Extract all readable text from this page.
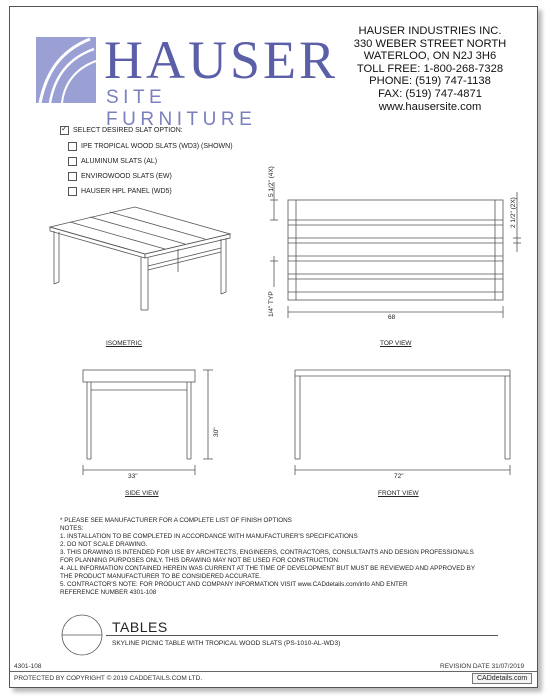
HAUSER
SITE FURNITURE
HAUSER INDUSTRIES INC.
330 WEBER STREET NORTH
WATERLOO, ON N2J 3H6
TOLL FREE: 1-800-268-7328
PHONE: (519) 747-1138
FAX: (519) 747-4871
www.hausersite.com
✓
SELECT DESIRED SLAT OPTION:
IPE TROPICAL WOOD SLATS (WD3) (SHOWN)
ALUMINUM SLATS (AL)
ENVIROWOOD SLATS (EW)
HAUSER HPL PANEL (WD5)
ISOMETRIC
5 1/2" (4X)
2 1/2" (2X)
1/4" TYP
68
TOP VIEW
30"
33"
SIDE VIEW
72"
FRONT VIEW
* PLEASE SEE MANUFACTURER FOR A COMPLETE LIST OF FINISH OPTIONS
NOTES:
1. INSTALLATION TO BE COMPLETED IN ACCORDANCE WITH MANUFACTURER'S SPECIFICATIONS
2. DO NOT SCALE DRAWING.
3. THIS DRAWING IS INTENDED FOR USE BY ARCHITECTS, ENGINEERS, CONTRACTORS, CONSULTANTS AND DESIGN PROFESSIONALS
FOR PLANNING PURPOSES ONLY. THIS DRAWING MAY NOT BE USED FOR CONSTRUCTION.
4. ALL INFORMATION CONTAINED HEREIN WAS CURRENT AT THE TIME OF DEVELOPMENT BUT MUST BE REVIEWED AND APPROVED BY
THE PRODUCT MANUFACTURER TO BE CONSIDERED ACCURATE.
5. CONTRACTOR'S NOTE: FOR PRODUCT AND COMPANY INFORMATION VISIT www.CADdetails.com/info AND ENTER
REFERENCE NUMBER 4301-108
TABLES
SKYLINE PICNIC TABLE WITH TROPICAL WOOD SLATS (PS-1010-AL-WD3)
4301-108	REVISION DATE 31/07/2019
PROTECTED BY COPYRIGHT © 2019 CADDETAILS.COM LTD.	CADdetails.com
